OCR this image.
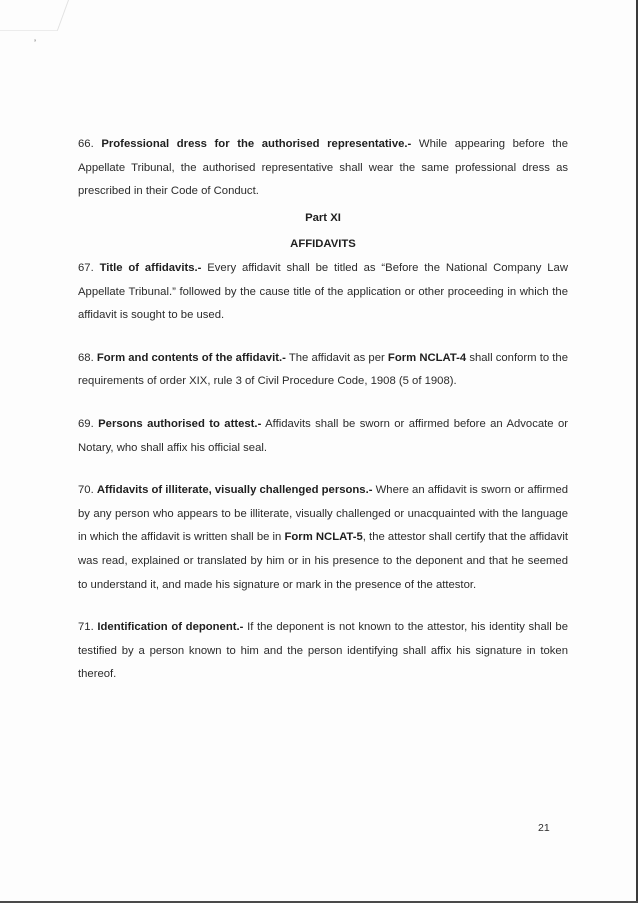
’

66. Professional dress for the authorised representative.- While appearing before the Appellate Tribunal, the authorised representative shall wear the same professional dress as prescribed in their Code of Conduct.

Part XI

AFFIDAVITS

67. Title of affidavits.- Every affidavit shall be titled as “Before the National Company Law Appellate Tribunal.” followed by the cause title of the application or other proceeding in which the affidavit is sought to be used.

68. Form and contents of the affidavit.- The affidavit as per Form NCLAT-4 shall conform to the requirements of order XIX, rule 3 of Civil Procedure Code, 1908 (5 of 1908).

69. Persons authorised to attest.- Affidavits shall be sworn or affirmed before an Advocate or Notary, who shall affix his official seal.

70. Affidavits of illiterate, visually challenged persons.- Where an affidavit is sworn or affirmed by any person who appears to be illiterate, visually challenged or unacquainted with the language in which the affidavit is written shall be in Form NCLAT-5, the attestor shall certify that the affidavit was read, explained or translated by him or in his presence to the deponent and that he seemed to understand it, and made his signature or mark in the presence of the attestor.

71. Identification of deponent.- If the deponent is not known to the attestor, his identity shall be testified by a person known to him and the person identifying shall affix his signature in token thereof.

21
